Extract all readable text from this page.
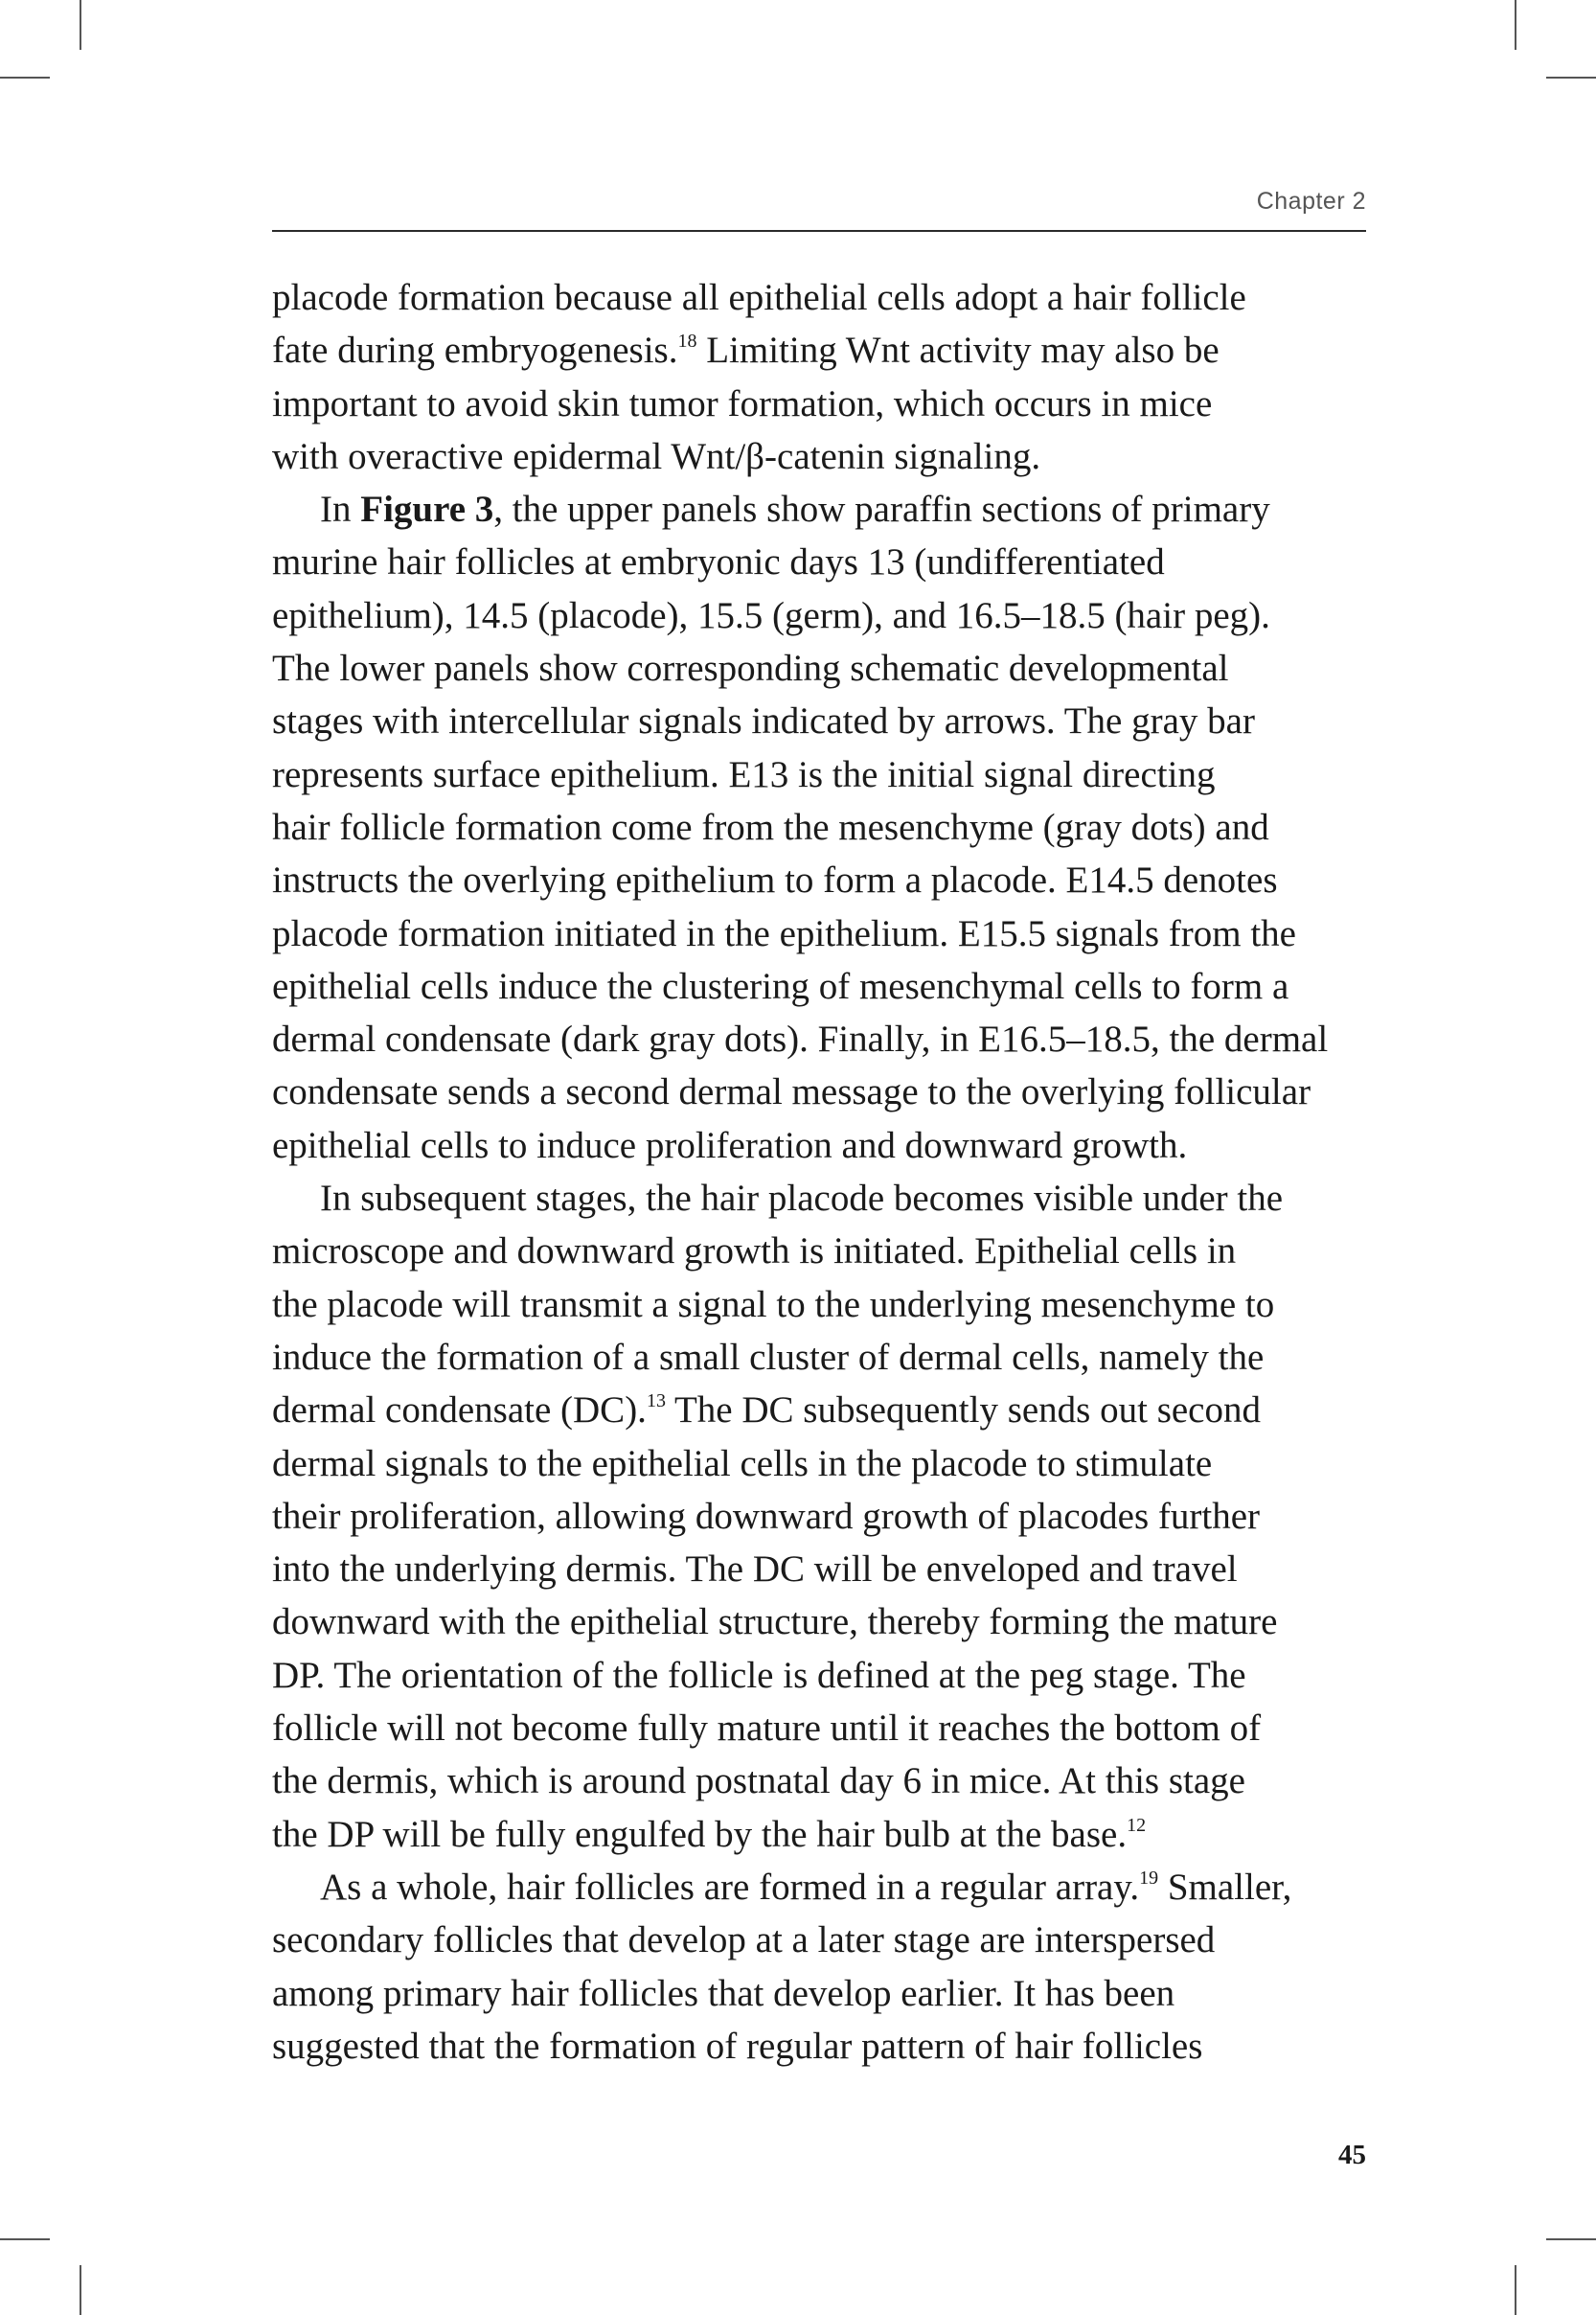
Chapter 2
placode formation because all epithelial cells adopt a hair follicle
fate during embryogenesis.$^{18}$ Limiting Wnt activity may also be
important to avoid skin tumor formation, which occurs in mice
with overactive epidermal Wnt/β-catenin signaling.
In Figure 3, the upper panels show paraffin sections of primary
murine hair follicles at embryonic days 13 (undifferentiated
epithelium), 14.5 (placode), 15.5 (germ), and 16.5–18.5 (hair peg).
The lower panels show corresponding schematic developmental
stages with intercellular signals indicated by arrows. The gray bar
represents surface epithelium. E13 is the initial signal directing
hair follicle formation come from the mesenchyme (gray dots) and
instructs the overlying epithelium to form a placode. E14.5 denotes
placode formation initiated in the epithelium. E15.5 signals from the
epithelial cells induce the clustering of mesenchymal cells to form a
dermal condensate (dark gray dots). Finally, in E16.5–18.5, the dermal
condensate sends a second dermal message to the overlying follicular
epithelial cells to induce proliferation and downward growth.
In subsequent stages, the hair placode becomes visible under the
microscope and downward growth is initiated. Epithelial cells in
the placode will transmit a signal to the underlying mesenchyme to
induce the formation of a small cluster of dermal cells, namely the
dermal condensate (DC).$^{13}$ The DC subsequently sends out second
dermal signals to the epithelial cells in the placode to stimulate
their proliferation, allowing downward growth of placodes further
into the underlying dermis. The DC will be enveloped and travel
downward with the epithelial structure, thereby forming the mature
DP. The orientation of the follicle is defined at the peg stage. The
follicle will not become fully mature until it reaches the bottom of
the dermis, which is around postnatal day 6 in mice. At this stage
the DP will be fully engulfed by the hair bulb at the base.$^{12}$
As a whole, hair follicles are formed in a regular array.$^{19}$ Smaller,
secondary follicles that develop at a later stage are interspersed
among primary hair follicles that develop earlier. It has been
suggested that the formation of regular pattern of hair follicles
45
